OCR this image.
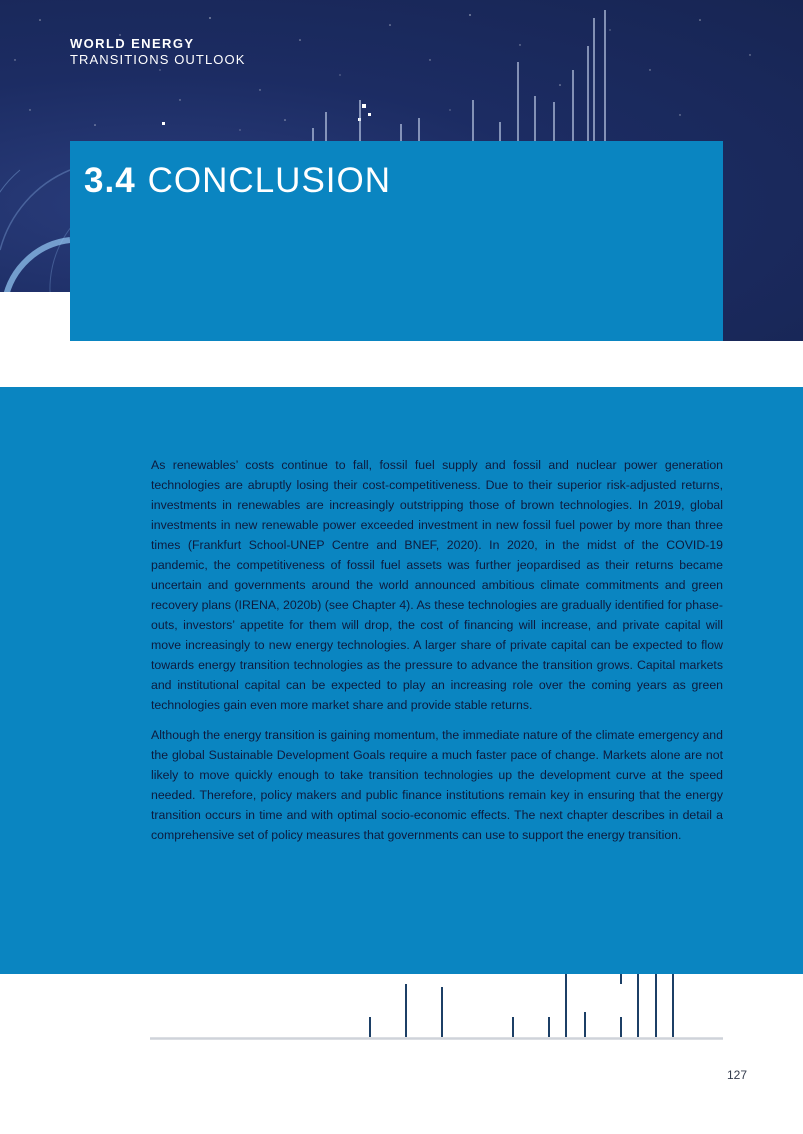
WORLD ENERGY
TRANSITIONS OUTLOOK
3.4 CONCLUSION

As renewables’ costs continue to fall, fossil fuel supply and fossil and nuclear power generation technologies are abruptly losing their cost-competitiveness. Due to their superior risk-adjusted returns, investments in renewables are increasingly outstripping those of brown technologies. In 2019, global investments in new renewable power exceeded investment in new fossil fuel power by more than three times (Frankfurt School-UNEP Centre and BNEF, 2020). In 2020, in the midst of the COVID-19 pandemic, the competitiveness of fossil fuel assets was further jeopardised as their returns became uncertain and governments around the world announced ambitious climate commitments and green recovery plans (IRENA, 2020b) (see Chapter 4). As these technologies are gradually identified for phase-outs, investors’ appetite for them will drop, the cost of financing will increase, and private capital will move increasingly to new energy technologies. A larger share of private capital can be expected to flow towards energy transition technologies as the pressure to advance the transition grows. Capital markets and institutional capital can be expected to play an increasing role over the coming years as green technologies gain even more market share and provide stable returns.

Although the energy transition is gaining momentum, the immediate nature of the climate emergency and the global Sustainable Development Goals require a much faster pace of change. Markets alone are not likely to move quickly enough to take transition technologies up the development curve at the speed needed. Therefore, policy makers and public finance institutions remain key in ensuring that the energy transition occurs in time and with optimal socio-economic effects. The next chapter describes in detail a comprehensive set of policy measures that governments can use to support the energy transition.

127
